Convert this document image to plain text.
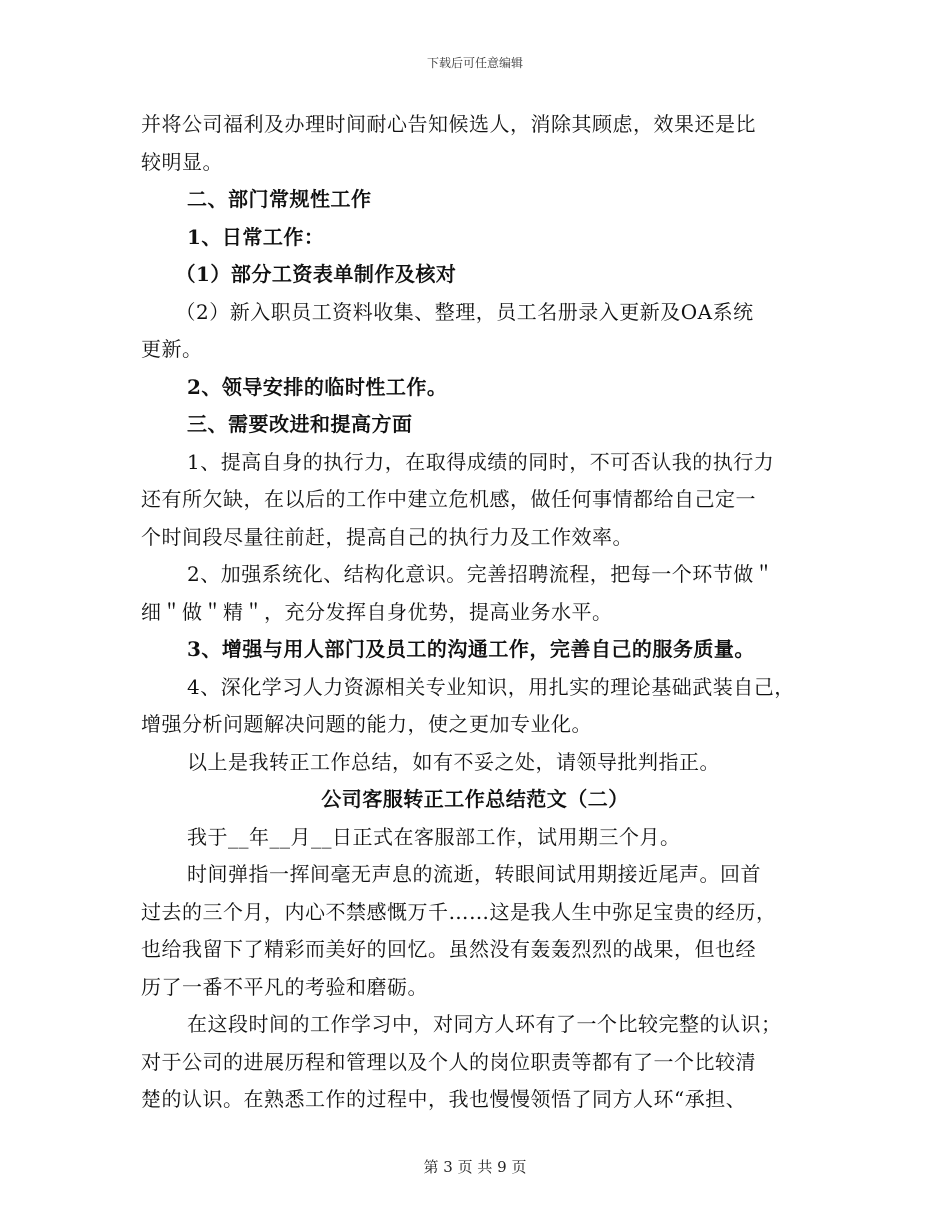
下载后可任意编辑
并将公司福利及办理时间耐心告知候选人，消除其顾虑，效果还是比
较明显。
二、部门常规性工作
1、日常工作：
（1）部分工资表单制作及核对
（2）新入职员工资料收集、整理，员工名册录入更新及OA系统
更新。
2、领导安排的临时性工作。
三、需要改进和提高方面
1、提高自身的执行力，在取得成绩的同时，不可否认我的执行力
还有所欠缺，在以后的工作中建立危机感，做任何事情都给自己定一
个时间段尽量往前赶，提高自己的执行力及工作效率。
2、加强系统化、结构化意识。完善招聘流程，把每一个环节做＂
细＂做＂精＂，充分发挥自身优势，提高业务水平。
3、增强与用人部门及员工的沟通工作，完善自己的服务质量。
4、深化学习人力资源相关专业知识，用扎实的理论基础武装自己，
增强分析问题解决问题的能力，使之更加专业化。
以上是我转正工作总结，如有不妥之处，请领导批判指正。
公司客服转正工作总结范文（二）
我于__年__月__日正式在客服部工作，试用期三个月。
时间弹指一挥间毫无声息的流逝，转眼间试用期接近尾声。回首
过去的三个月，内心不禁感慨万千……这是我人生中弥足宝贵的经历，
也给我留下了精彩而美好的回忆。虽然没有轰轰烈烈的战果，但也经
历了一番不平凡的考验和磨砺。
在这段时间的工作学习中，对同方人环有了一个比较完整的认识；
对于公司的进展历程和管理以及个人的岗位职责等都有了一个比较清
楚的认识。在熟悉工作的过程中，我也慢慢领悟了同方人环“承担、
第 3 页 共 9 页
